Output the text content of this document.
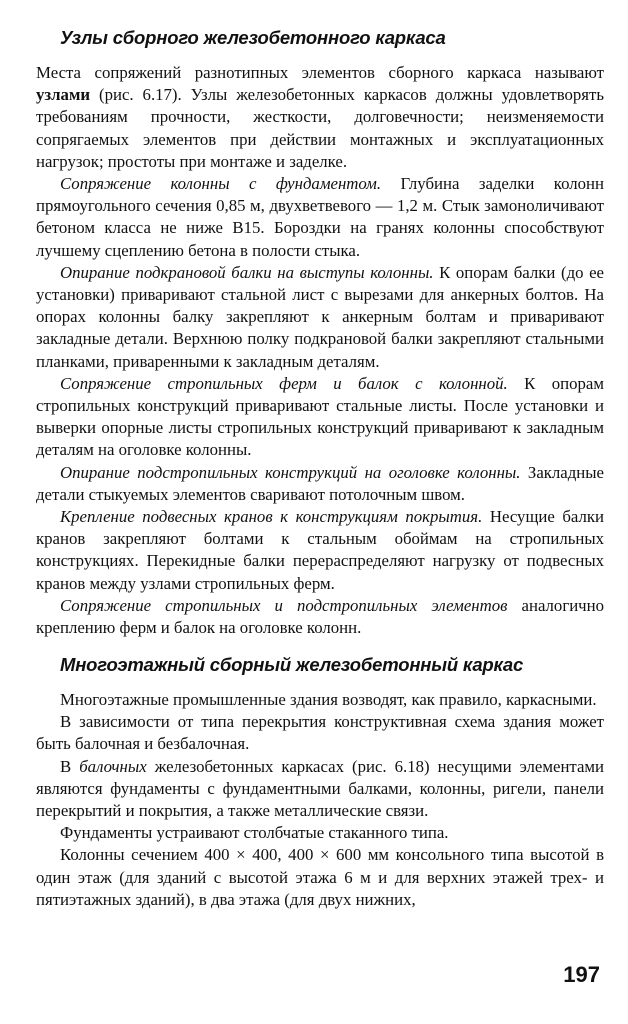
Узлы сборного железобетонного каркаса

Места сопряжений разнотипных элементов сборного каркаса называют узлами (рис. 6.17). Узлы железобетонных каркасов должны удовлетворять требованиям прочности, жесткости, долговечности; неизменяемости сопрягаемых элементов при действии монтажных и эксплуатационных нагрузок; простоты при монтаже и заделке.

Сопряжение колонны с фундаментом. Глубина заделки колонн прямоугольного сечения 0,85 м, двухветвевого — 1,2 м. Стык замоноличивают бетоном класса не ниже В15. Бороздки на гранях колонны способствуют лучшему сцеплению бетона в полости стыка.

Опирание подкрановой балки на выступы колонны. К опорам балки (до ее установки) приваривают стальной лист с вырезами для анкерных болтов. На опорах колонны балку закрепляют к анкерным болтам и приваривают закладные детали. Верхнюю полку подкрановой балки закрепляют стальными планками, приваренными к закладным деталям.

Сопряжение стропильных ферм и балок с колонной. К опорам стропильных конструкций приваривают стальные листы. После установки и выверки опорные листы стропильных конструкций приваривают к закладным деталям на оголовке колонны.

Опирание подстропильных конструкций на оголовке колонны. Закладные детали стыкуемых элементов сваривают потолочным швом.

Крепление подвесных кранов к конструкциям покрытия. Несущие балки кранов закрепляют болтами к стальным обоймам на стропильных конструкциях. Перекидные балки перераспределяют нагрузку от подвесных кранов между узлами стропильных ферм.

Сопряжение стропильных и подстропильных элементов аналогично креплению ферм и балок на оголовке колонн.

Многоэтажный сборный железобетонный каркас

Многоэтажные промышленные здания возводят, как правило, каркасными.

В зависимости от типа перекрытия конструктивная схема здания может быть балочная и безбалочная.

В балочных железобетонных каркасах (рис. 6.18) несущими элементами являются фундаменты с фундаментными балками, колонны, ригели, панели перекрытий и покрытия, а также металлические связи.

Фундаменты устраивают столбчатые стаканного типа.

Колонны сечением 400 × 400, 400 × 600 мм консольного типа высотой в один этаж (для зданий с высотой этажа 6 м и для верхних этажей трех- и пятиэтажных зданий), в два этажа (для двух нижних,

197
